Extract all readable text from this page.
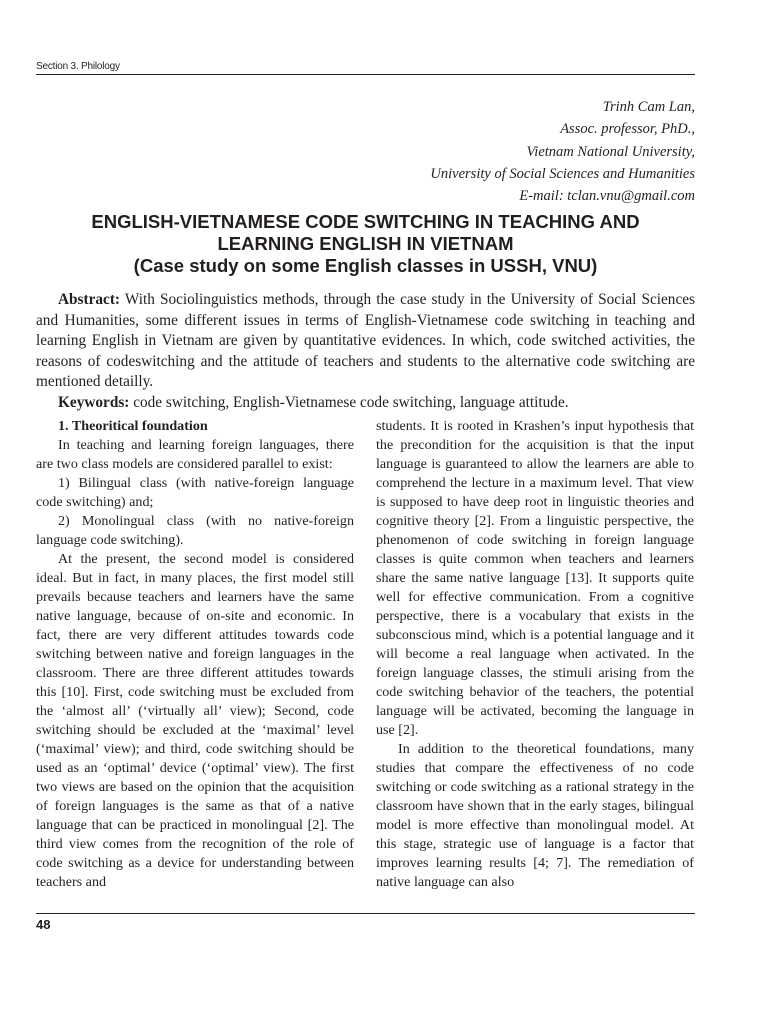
Section 3. Philology
Trinh Cam Lan,
Assoc. professor, PhD.,
Vietnam National University,
University of Social Sciences and Humanities
E-mail: tclan.vnu@gmail.com
ENGLISH-VIETNAMESE CODE SWITCHING IN TEACHING AND
LEARNING ENGLISH IN VIETNAM
(Case study on some English classes in USSH, VNU)

Abstract: With Sociolinguistics methods, through the case study in the University of Social Sciences and Humanities, some different issues in terms of English-Vietnamese code switching in teaching and learning English in Vietnam are given by quantitative evidences. In which, code switched activities, the reasons of codeswitching and the attitude of teachers and students to the alternative code switching are mentioned detailly.

Keywords: code switching, English-Vietnamese code switching, language attitude.

1. Theoritical foundation

In teaching and learning foreign languages, there are two class models are considered parallel to exist:

1) Bilingual class (with native-foreign language code switching) and;

2) Monolingual class (with no native-foreign language code switching).

At the present, the second model is considered ideal. But in fact, in many places, the first model still prevails because teachers and learners have the same native language, because of on-site and economic. In fact, there are very different attitudes towards code switching between native and foreign languages in the classroom. There are three different attitudes towards this [10]. First, code switching must be excluded from the ‘almost all’ (‘virtually all’ view); Second, code switching should be excluded at the ‘maximal’ level (‘maximal’ view); and third, code switching should be used as an ‘optimal’ device (‘optimal’ view). The first two views are based on the opinion that the acquisition of foreign languages is the same as that of a native language that can be practiced in monolingual [2]. The third view comes from the recognition of the role of code switching as a device for understanding between teachers and

students. It is rooted in Krashen’s input hypothesis that the precondition for the acquisition is that the input language is guaranteed to allow the learners are able to comprehend the lecture in a maximum level. That view is supposed to have deep root in linguistic theories and cognitive theory [2]. From a linguistic perspective, the phenomenon of code switching in foreign language classes is quite common when teachers and learners share the same native language [13]. It supports quite well for effective communication. From a cognitive perspective, there is a vocabulary that exists in the subconscious mind, which is a potential language and it will become a real language when activated. In the foreign language classes, the stimuli arising from the code switching behavior of the teachers, the potential language will be activated, becoming the language in use [2].

In addition to the theoretical foundations, many studies that compare the effectiveness of no code switching or code switching as a rational strategy in the classroom have shown that in the early stages, bilingual model is more effective than monolingual model. At this stage, strategic use of language is a factor that improves learning results [4; 7]. The remediation of native language can also

48
